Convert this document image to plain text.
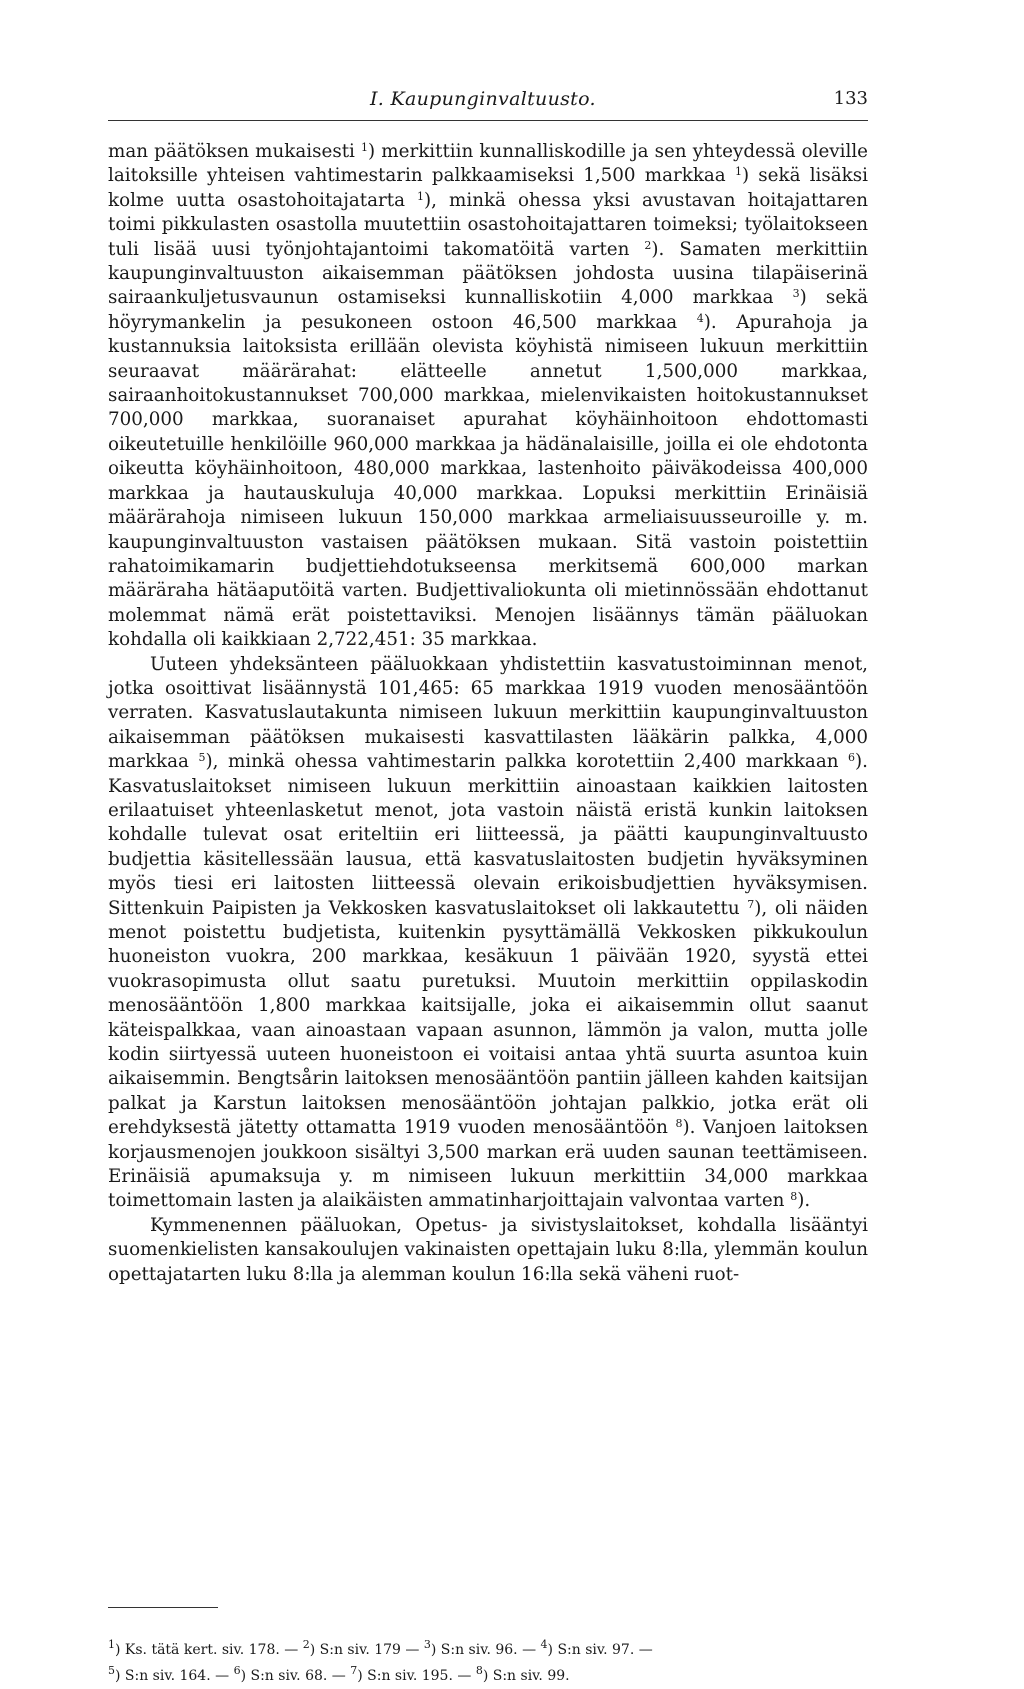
I. Kaupunginvaltuusto.	133

man päätöksen mukaisesti $^1$) merkittiin kunnalliskodille ja sen yhteydessä oleville laitoksille yhteisen vahtimestarin palkkaamiseksi 1,500 markkaa $^1$) sekä lisäksi kolme uutta osastohoitajatarta $^1$), minkä ohessa yksi avustavan hoitajattaren toimi pikkulasten osastolla muutettiin osastohoitajattaren toimeksi; työlaitokseen tuli lisää uusi työnjohtajantoimi takomatöitä varten $^2$). Samaten merkittiin kaupunginvaltuuston aikaisemman päätöksen johdosta uusina tilapäiserinä sairaankuljetusvaunun ostamiseksi kunnalliskotiin 4,000 markkaa $^3$) sekä höyrymankelin ja pesukoneen ostoon 46,500 markkaa $^4$). Apurahoja ja kustannuksia laitoksista erillään olevista köyhistä nimiseen lukuun merkittiin seuraavat määrärahat: elätteelle annetut 1,500,000 markkaa, sairaanhoitokustannukset 700,000 markkaa, mielenvikaisten hoitokustannukset 700,000 markkaa, suoranaiset apurahat köyhäinhoitoon ehdottomasti oikeutetuille henkilöille 960,000 markkaa ja hädänalaisille, joilla ei ole ehdotonta oikeutta köyhäinhoitoon, 480,000 markkaa, lastenhoito päiväkodeissa 400,000 markkaa ja hautauskuluja 40,000 markkaa. Lopuksi merkittiin Erinäisiä määrärahoja nimiseen lukuun 150,000 markkaa armeliaisuusseuroille y. m. kaupunginvaltuuston vastaisen päätöksen mukaan. Sitä vastoin poistettiin rahatoimikamarin budjettiehdotukseensa merkitsemä 600,000 markan määräraha hätäaputöitä varten. Budjettivaliokunta oli mietinnössään ehdottanut molemmat nämä erät poistettaviksi. Menojen lisäännys tämän pääluokan kohdalla oli kaikkiaan 2,722,451: 35 markkaa.

Uuteen yhdeksänteen pääluokkaan yhdistettiin kasvatustoiminnan menot, jotka osoittivat lisäännystä 101,465: 65 markkaa 1919 vuoden menosääntöön verraten. Kasvatuslautakunta nimiseen lukuun merkittiin kaupunginvaltuuston aikaisemman päätöksen mukaisesti kasvattilasten lääkärin palkka, 4,000 markkaa $^5$), minkä ohessa vahtimestarin palkka korotettiin 2,400 markkaan $^6$). Kasvatuslaitokset nimiseen lukuun merkittiin ainoastaan kaikkien laitosten erilaatuiset yhteenlasketut menot, jota vastoin näistä eristä kunkin laitoksen kohdalle tulevat osat eriteltiin eri liitteessä, ja päätti kaupunginvaltuusto budjettia käsitellessään lausua, että kasvatuslaitosten budjetin hyväksyminen myös tiesi eri laitosten liitteessä olevain erikoisbudjettien hyväksymisen. Sittenkuin Paipisten ja Vekkosken kasvatuslaitokset oli lakkautettu $^7$), oli näiden menot poistettu budjetista, kuitenkin pysyttämällä Vekkosken pikkukoulun huoneiston vuokra, 200 markkaa, kesäkuun 1 päivään 1920, syystä ettei vuokrasopimusta ollut saatu puretuksi. Muutoin merkittiin oppilaskodin menosääntöön 1,800 markkaa kaitsijalle, joka ei aikaisemmin ollut saanut käteispalkkaa, vaan ainoastaan vapaan asunnon, lämmön ja valon, mutta jolle kodin siirtyessä uuteen huoneistoon ei voitaisi antaa yhtä suurta asuntoa kuin aikaisemmin. Bengtsårin laitoksen menosääntöön pantiin jälleen kahden kaitsijan palkat ja Karstun laitoksen menosääntöön johtajan palkkio, jotka erät oli erehdyksestä jätetty ottamatta 1919 vuoden menosääntöön $^8$). Vanjoen laitoksen korjausmenojen joukkoon sisältyi 3,500 markan erä uuden saunan teettämiseen. Erinäisiä apumaksuja y. m nimiseen lukuun merkittiin 34,000 markkaa toimettomain lasten ja alaikäisten ammatinharjoittajain valvontaa varten $^8$).

Kymmenennen pääluokan, Opetus- ja sivistyslaitokset, kohdalla lisääntyi suomenkielisten kansakoulujen vakinaisten opettajain luku 8:lla, ylemmän koulun opettajatarten luku 8:lla ja alemman koulun 16:lla sekä väheni ruot-

$^1$) Ks. tätä kert. siv. 178. — $^2$) S:n siv. 179 — $^3$) S:n siv. 96. — $^4$) S:n siv. 97. —
$^5$) S:n siv. 164. — $^6$) S:n siv. 68. — $^7$) S:n siv. 195. — $^8$) S:n siv. 99.
